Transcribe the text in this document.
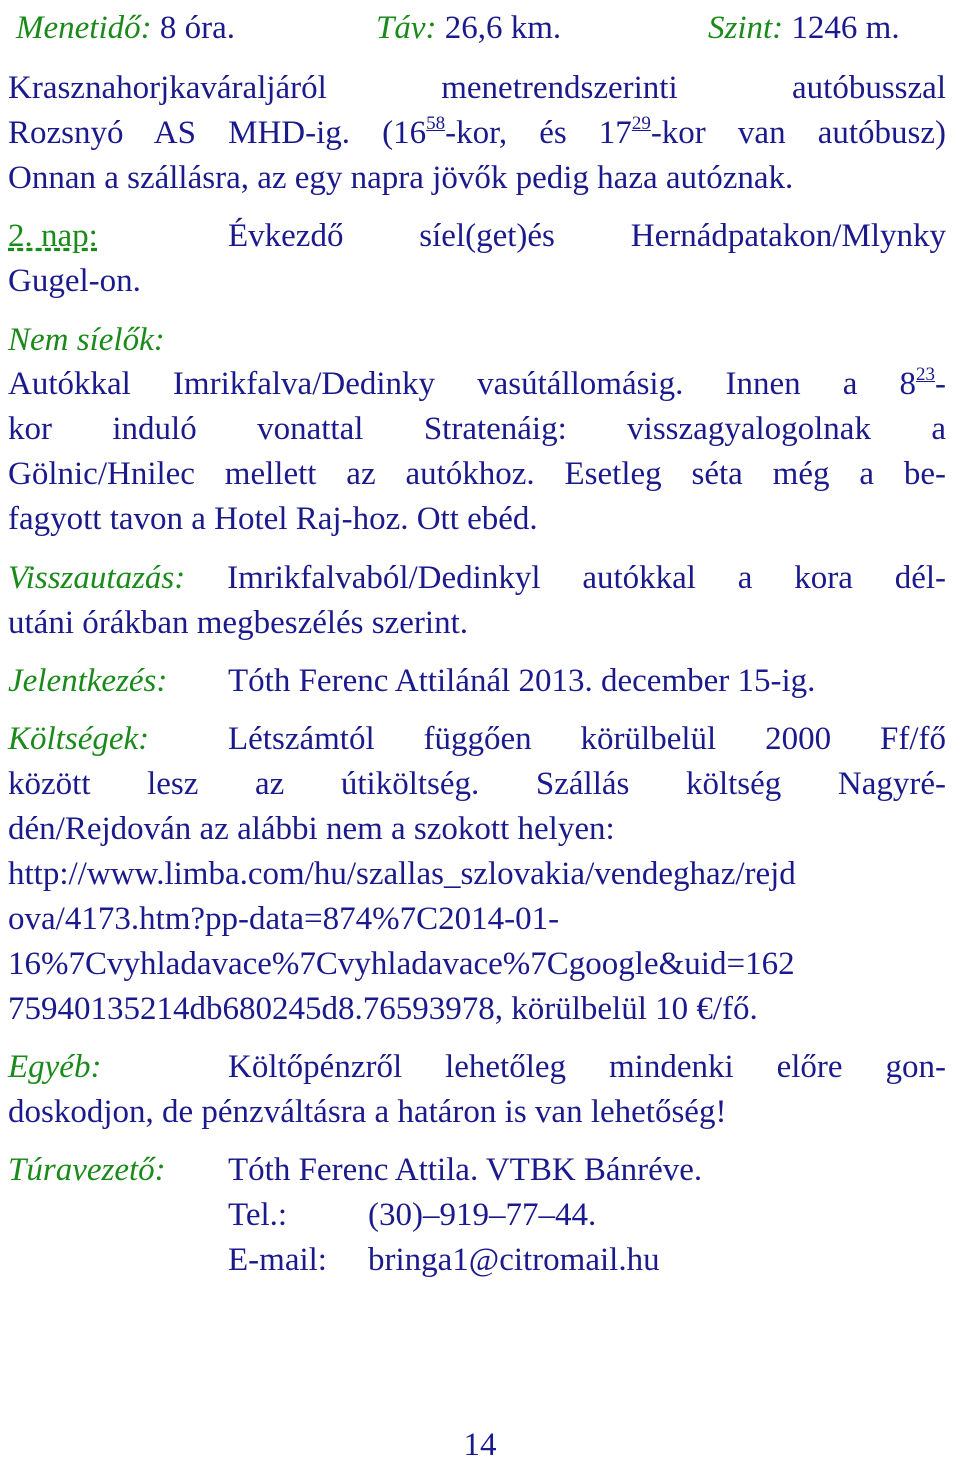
Menetidő: 8 óra.	Táv: 26,6 km.	Szint: 1246 m.
Krasznahorjkaváraljáról menetrendszerinti autóbusszal
Rozsnyó AS MHD-ig. ($16^{58}$-kor, és $17^{29}$-kor van autóbusz)
Onnan a szállásra, az egy napra jövők pedig haza autóznak.
2. nap:	Évkezdő síel(get)és Hernádpatakon/Mlynky
Gugel-on.
Nem síelők:
Autókkal Imrikfalva/Dedinky vasútállomásig. Innen a $8^{23}-$
kor induló vonattal Stratenáig: visszagyalogolnak a
Gölnic/Hnilec mellett az autókhoz. Esetleg séta még a be-
fagyott tavon a Hotel Raj-hoz. Ott ebéd.
Visszautazás: Imrikfalvaból/Dedinkyl autókkal a kora dél-
utáni órákban megbeszélés szerint.
Jelentkezés: Tóth Ferenc Attilánál 2013. december 15-ig.
Költségek: Létszámtól függően körülbelül 2000 Ff/fő
között lesz az útiköltség. Szállás költség Nagyré-
dén/Rejdován az alábbi nem a szokott helyen:
http://www.limba.com/hu/szallas_szlovakia/vendeghaz/rejd
ova/4173.htm?pp-data=874%7C2014-01-
16%7Cvyhladavace%7Cvyhladavace%7Cgoogle&uid=162
75940135214db680245d8.76593978, körülbelül 10 €/fő.
Egyéb:	Költőpénzről lehetőleg mindenki előre gon-
doskodjon, de pénzváltásra a határon is van lehetőség!
Túravezető: Tóth Ferenc Attila. VTBK Bánréve.
Tel.: (30)–919–77–44.
E-mail: bringa1@citromail.hu
14
